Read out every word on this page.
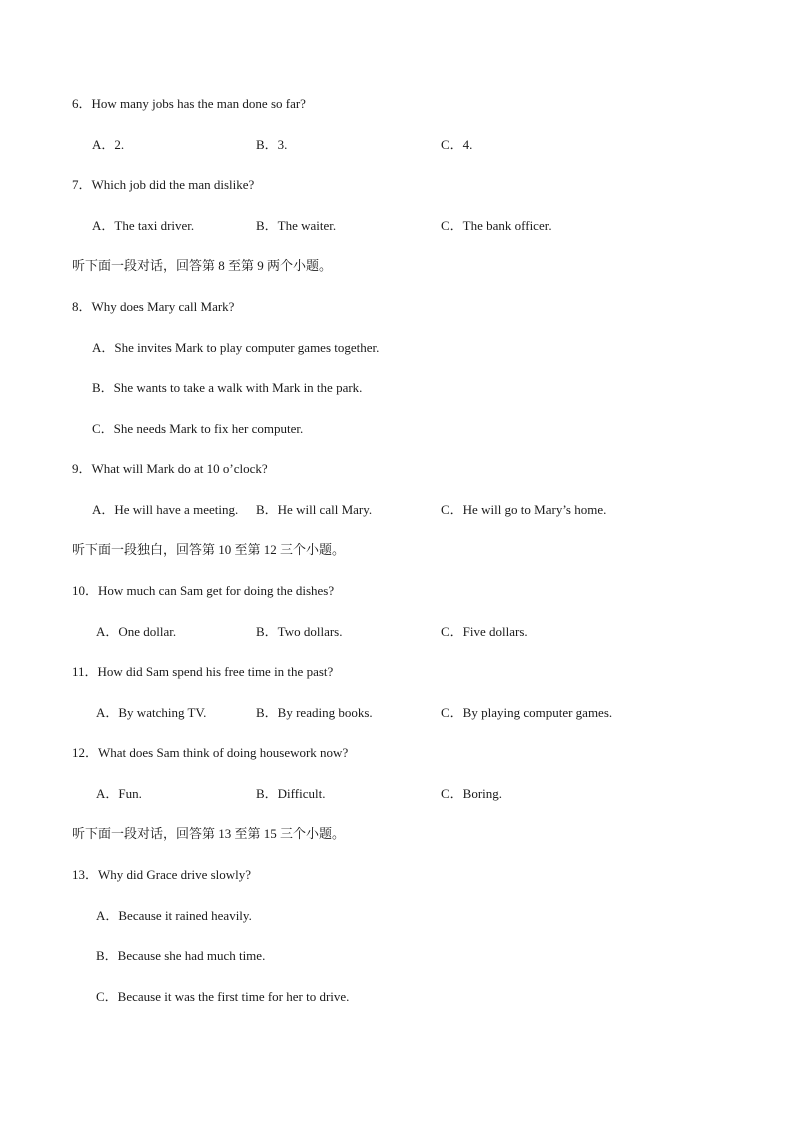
6．How many jobs has the man done so far?
A．2.	B．3.	C．4.
7．Which job did the man dislike?
A．The taxi driver.	B．The waiter.	C．The bank officer.
听下面一段对话，回答第 8 至第 9 两个小题。
8．Why does Mary call Mark?
A．She invites Mark to play computer games together.
B．She wants to take a walk with Mark in the park.
C．She needs Mark to fix her computer.
9．What will Mark do at 10 o’clock?
A．He will have a meeting. B．He will call Mary.	C．He will go to Mary’s home.
听下面一段独白，回答第 10 至第 12 三个小题。
10．How much can Sam get for doing the dishes?
A．One dollar.	B．Two dollars.	C．Five dollars.
11．How did Sam spend his free time in the past?
A．By watching TV.	B．By reading books.	C．By playing computer games.
12．What does Sam think of doing housework now?
A．Fun.	B．Difficult.	C．Boring.
听下面一段对话，回答第 13 至第 15 三个小题。
13．Why did Grace drive slowly?
A．Because it rained heavily.
B．Because she had much time.
C．Because it was the first time for her to drive.
